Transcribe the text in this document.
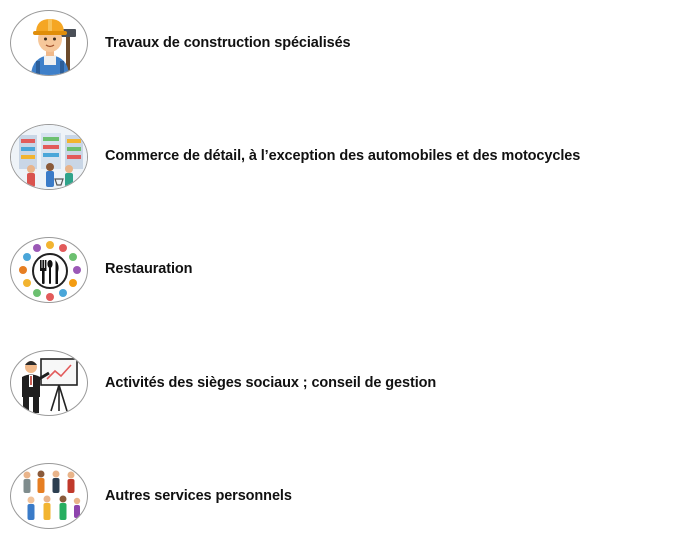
Travaux de construction spécialisés
Commerce de détail, à l’exception des automobiles et des motocycles
Restauration
Activités des sièges sociaux ; conseil de gestion
Autres services personnels
